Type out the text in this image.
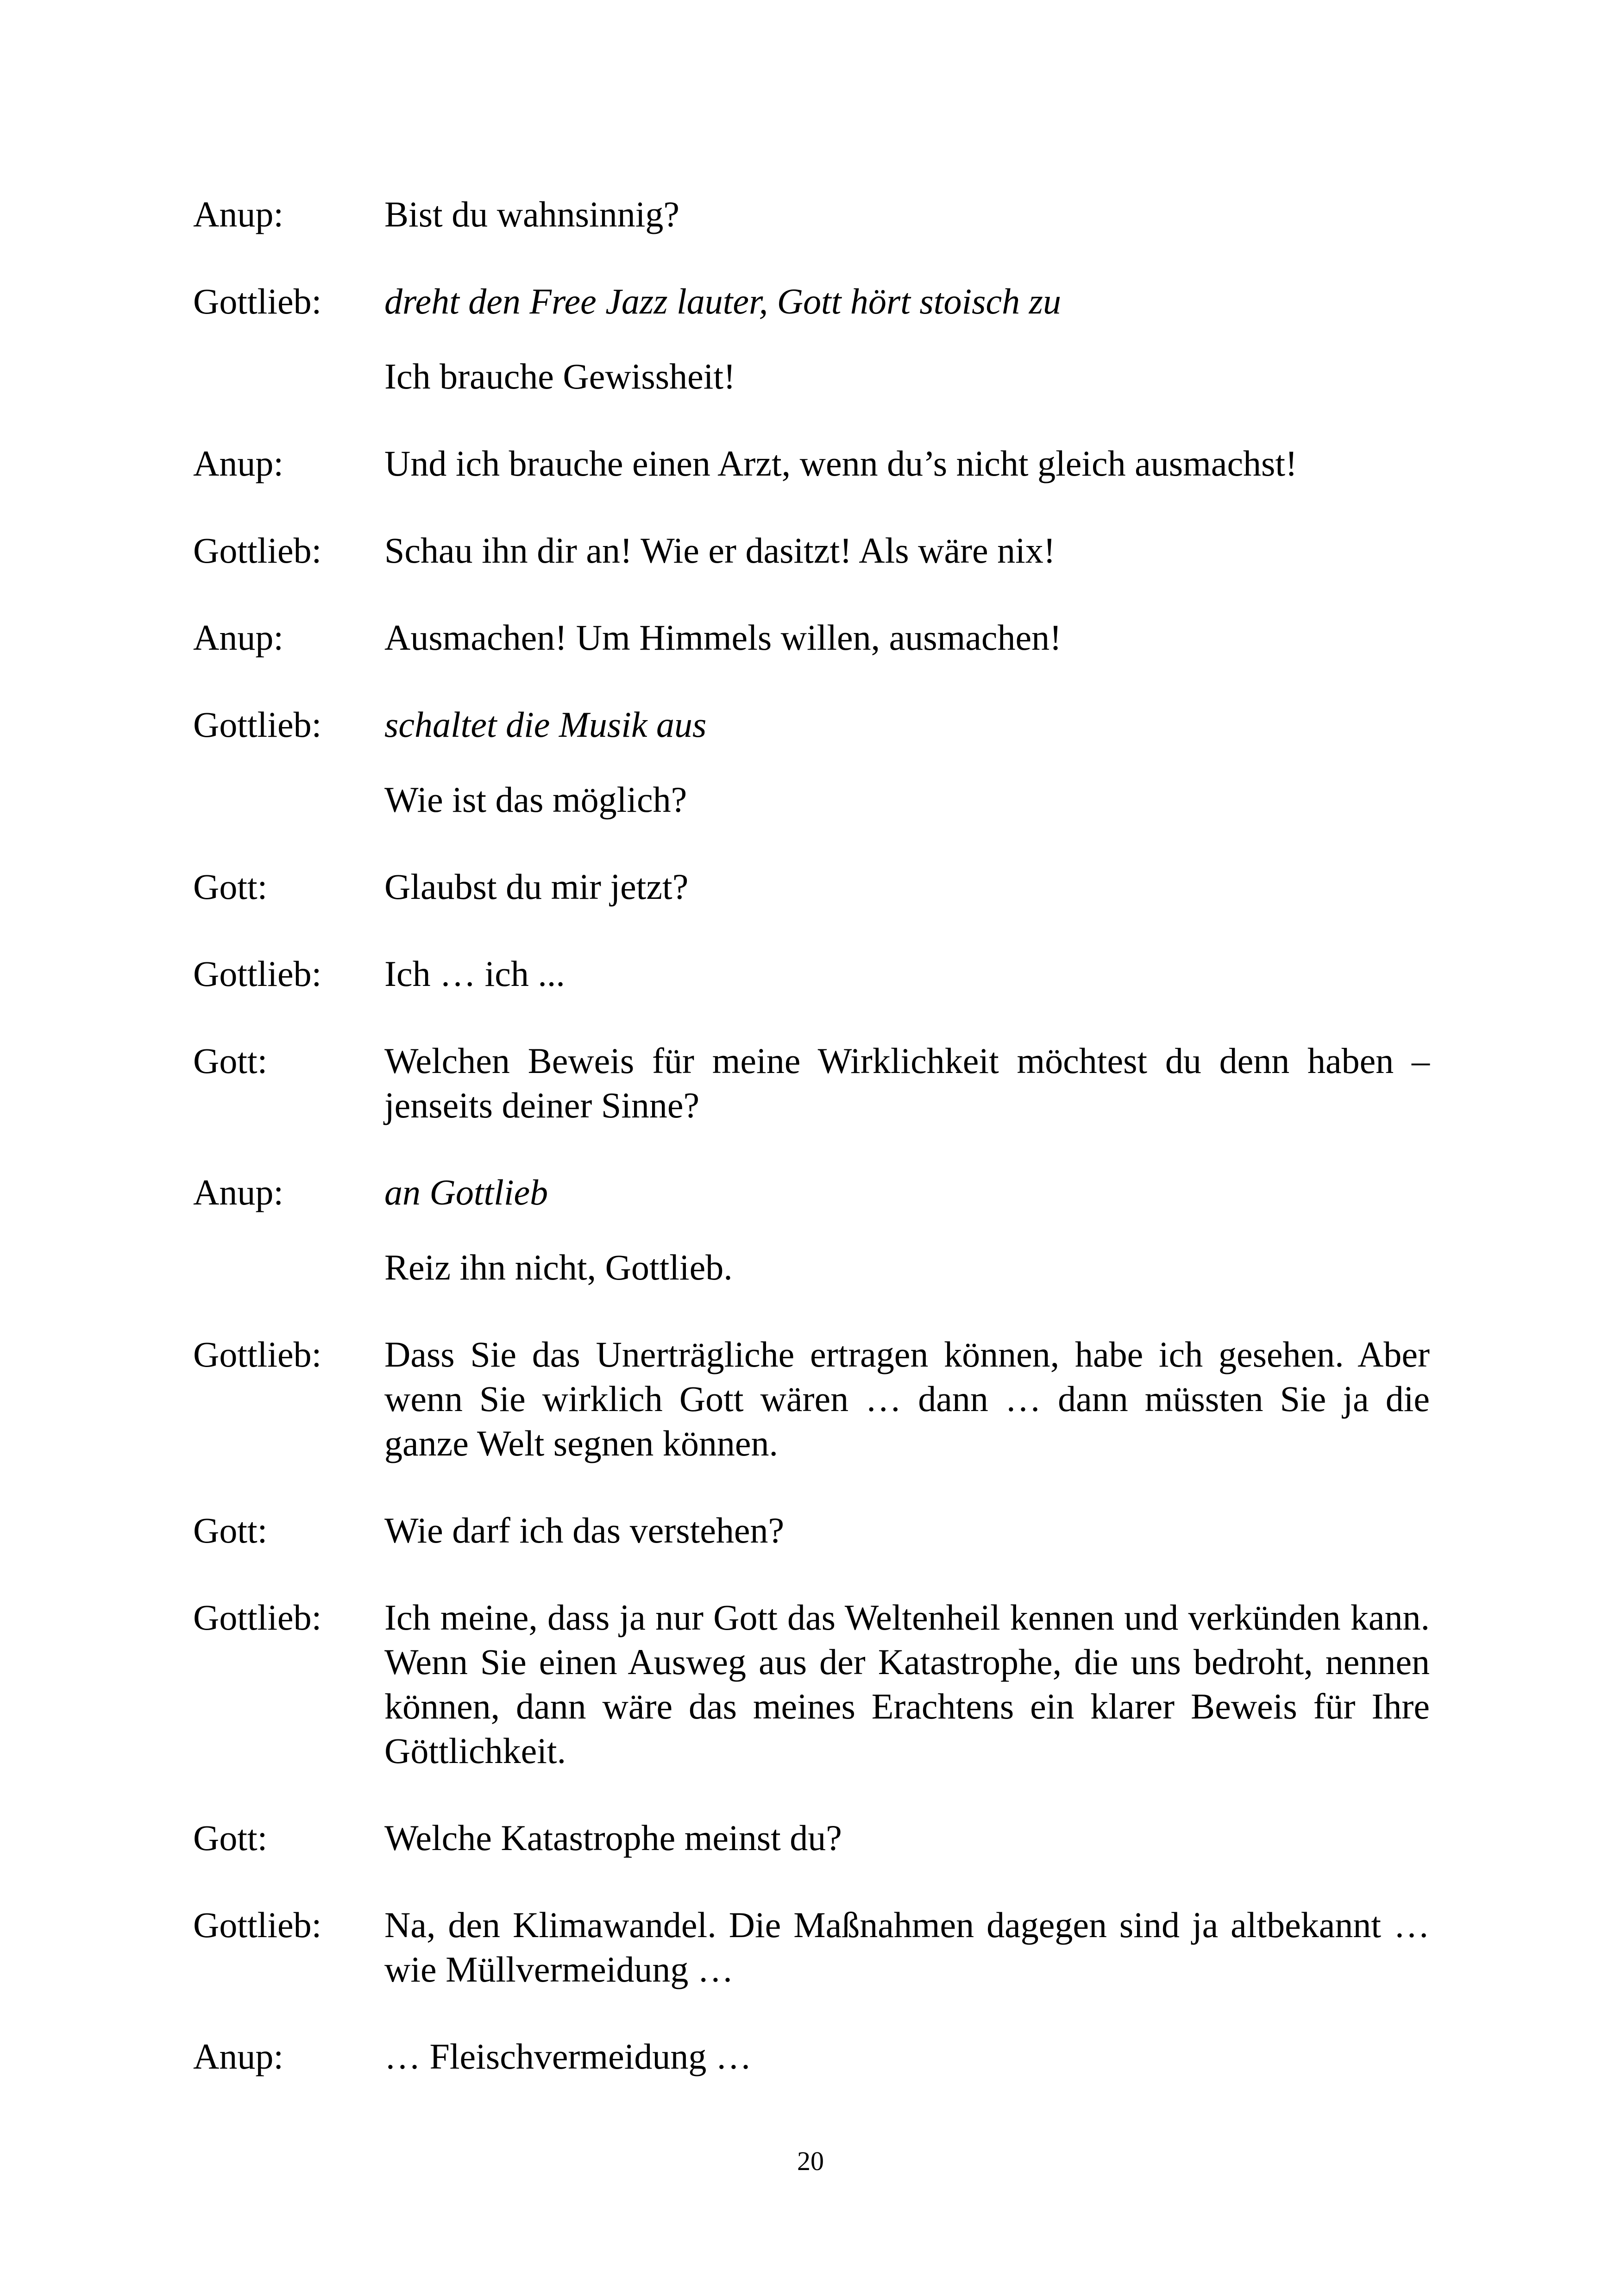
Anup:	Bist du wahnsinnig?
Gottlieb:	dreht den Free Jazz lauter, Gott hört stoisch zu
Ich brauche Gewissheit!
Anup:	Und ich brauche einen Arzt, wenn du’s nicht gleich ausmachst!
Gottlieb:	Schau ihn dir an! Wie er dasitzt! Als wäre nix!
Anup:	Ausmachen! Um Himmels willen, ausmachen!
Gottlieb:	schaltet die Musik aus
Wie ist das möglich?
Gott:	Glaubst du mir jetzt?
Gottlieb:	Ich … ich ...
Gott:	Welchen Beweis für meine Wirklichkeit möchtest du denn haben – jenseits deiner Sinne?
Anup:	an Gottlieb
Reiz ihn nicht, Gottlieb.
Gottlieb:	Dass Sie das Unerträgliche ertragen können, habe ich gesehen. Aber wenn Sie wirklich Gott wären … dann … dann müssten Sie ja die ganze Welt segnen können.
Gott:	Wie darf ich das verstehen?
Gottlieb:	Ich meine, dass ja nur Gott das Weltenheil kennen und verkünden kann. Wenn Sie einen Ausweg aus der Katastrophe, die uns bedroht, nennen können, dann wäre das meines Erachtens ein klarer Beweis für Ihre Göttlichkeit.
Gott:	Welche Katastrophe meinst du?
Gottlieb:	Na, den Klimawandel. Die Maßnahmen dagegen sind ja altbekannt … wie Müllvermeidung …
Anup:	… Fleischvermeidung …
20
